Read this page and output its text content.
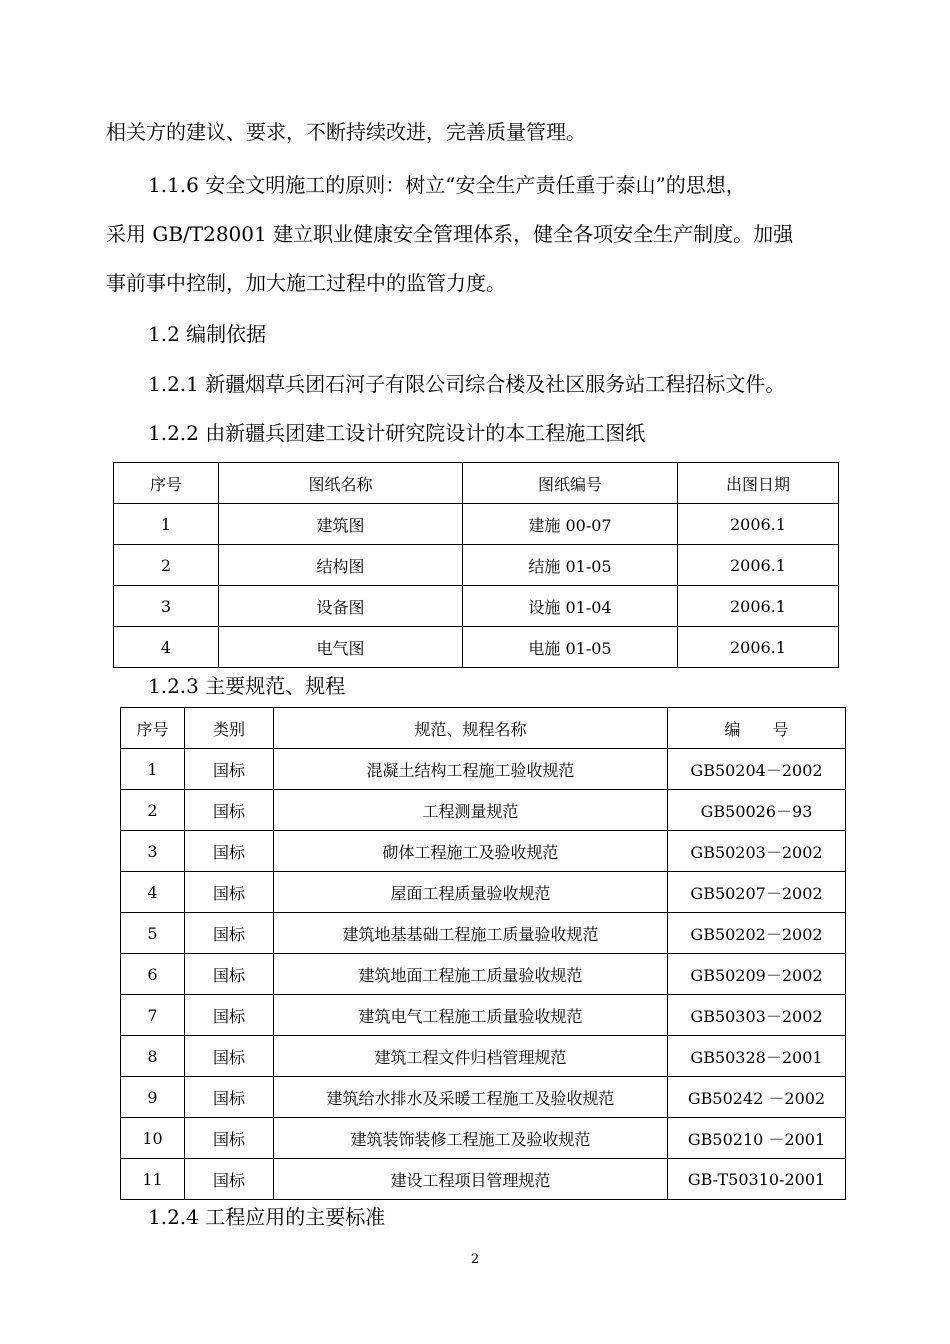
相关方的建议、要求，不断持续改进，完善质量管理。
1.1.6 安全文明施工的原则：树立“安全生产责任重于泰山”的思想，
采用 GB/T28001 建立职业健康安全管理体系，健全各项安全生产制度。加强
事前事中控制，加大施工过程中的监管力度。
1.2 编制依据
1.2.1 新疆烟草兵团石河子有限公司综合楼及社区服务站工程招标文件。
1.2.2 由新疆兵团建工设计研究院设计的本工程施工图纸
序号	图纸名称	图纸编号	出图日期
1	建筑图	建施 00-07	2006.1
2	结构图	结施 01-05	2006.1
3	设备图	设施 01-04	2006.1
4	电气图	电施 01-05	2006.1
1.2.3 主要规范、规程
序号	类别	规范、规程名称	编　　号
1	国标	混凝土结构工程施工验收规范	GB50204－2002
2	国标	工程测量规范	GB50026－93
3	国标	砌体工程施工及验收规范	GB50203－2002
4	国标	屋面工程质量验收规范	GB50207－2002
5	国标	建筑地基基础工程施工质量验收规范	GB50202－2002
6	国标	建筑地面工程施工质量验收规范	GB50209－2002
7	国标	建筑电气工程施工质量验收规范	GB50303－2002
8	国标	建筑工程文件归档管理规范	GB50328－2001
9	国标	建筑给水排水及采暖工程施工及验收规范	GB50242 －2002
10	国标	建筑装饰装修工程施工及验收规范	GB50210 －2001
11	国标	建设工程项目管理规范	GB-T50310-2001
1.2.4 工程应用的主要标准
2
